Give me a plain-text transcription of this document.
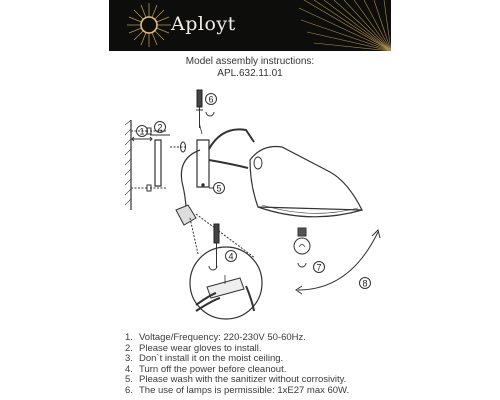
Aployt
Model assembly instructions:
APL.632.11.01
1 2
6
5
4
7
8
1. Voltage/Frequency: 220-230V 50-60Hz.
2. Please wear gloves to install.
3. Don`t install it on the moist ceiling.
4. Turn off the power before cleanout.
5. Please wash with the sanitizer without corrosivity.
6. The use of lamps is permissible: 1xE27 max 60W.
